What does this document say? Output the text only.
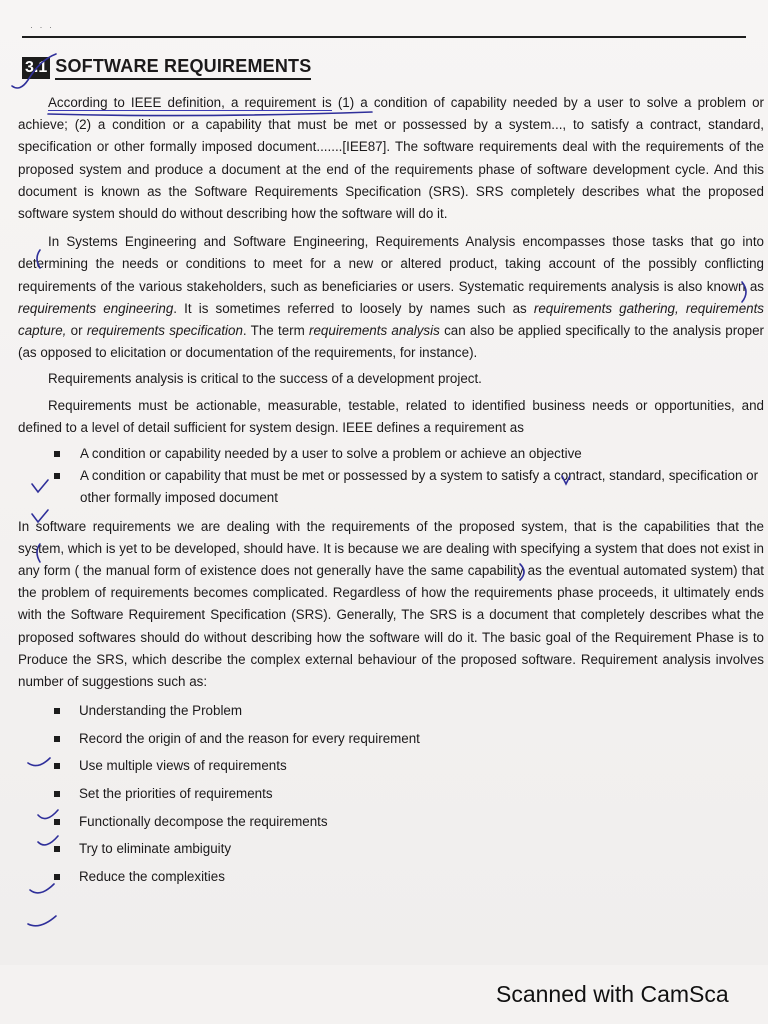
· · ·
3.1 SOFTWARE REQUIREMENTS

According to IEEE definition, a requirement is (1) a condition of capability needed by a user to solve a problem or achieve; (2) a condition or a capability that must be met or possessed by a system..., to satisfy a contract, standard, specification or other formally imposed document.......[IEE87]. The software requirements deal with the requirements of the proposed system and produce a document at the end of the requirements phase of software development cycle. And this document is known as the Software Requirements Specification (SRS). SRS completely describes what the proposed software system should do without describing how the software will do it.

In Systems Engineering and Software Engineering, Requirements Analysis encompasses those tasks that go into determining the needs or conditions to meet for a new or altered product, taking account of the possibly conflicting requirements of the various stakeholders, such as beneficiaries or users. Systematic requirements analysis is also known as requirements engineering. It is sometimes referred to loosely by names such as requirements gathering, requirements capture, or requirements specification. The term requirements analysis can also be applied specifically to the analysis proper (as opposed to elicitation or documentation of the requirements, for instance).

Requirements analysis is critical to the success of a development project.

Requirements must be actionable, measurable, testable, related to identified business needs or opportunities, and defined to a level of detail sufficient for system design. IEEE defines a requirement as

A condition or capability needed by a user to solve a problem or achieve an objective
A condition or capability that must be met or possessed by a system to satisfy a contract, standard, specification or other formally imposed document

In software requirements we are dealing with the requirements of the proposed system, that is the capabilities that the system, which is yet to be developed, should have. It is because we are dealing with specifying a system that does not exist in any form ( the manual form of existence does not generally have the same capability as the eventual automated system) that the problem of requirements becomes complicated. Regardless of how the requirements phase proceeds, it ultimately ends with the Software Requirement Specification (SRS). Generally, The SRS is a document that completely describes what the proposed softwares should do without describing how the software will do it. The basic goal of the Requirement Phase is to Produce the SRS, which describe the complex external behaviour of the proposed software. Requirement analysis involves number of suggestions such as:

Understanding the Problem
Record the origin of and the reason for every requirement
Use multiple views of requirements
Set the priorities of requirements
Functionally decompose the requirements
Try to eliminate ambiguity
Reduce the complexities
Scanned with CamSca
